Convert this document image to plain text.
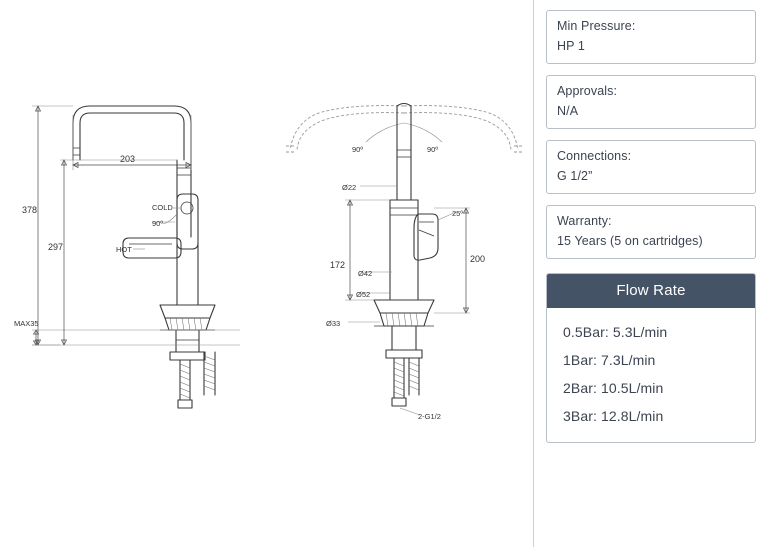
203
378
297
COLD
90º
HOT
MAX35
90º	90º
25º
2-G1/2
Ø22
172
Ø42
Ø52
Ø33
200
Min Pressure:
HP 1
Approvals:
N/A
Connections:
G 1/2”
Warranty:
15 Years (5 on cartridges)
Flow Rate
0.5Bar: 5.3L/min
1Bar: 7.3L/min
2Bar: 10.5L/min
3Bar: 12.8L/min
